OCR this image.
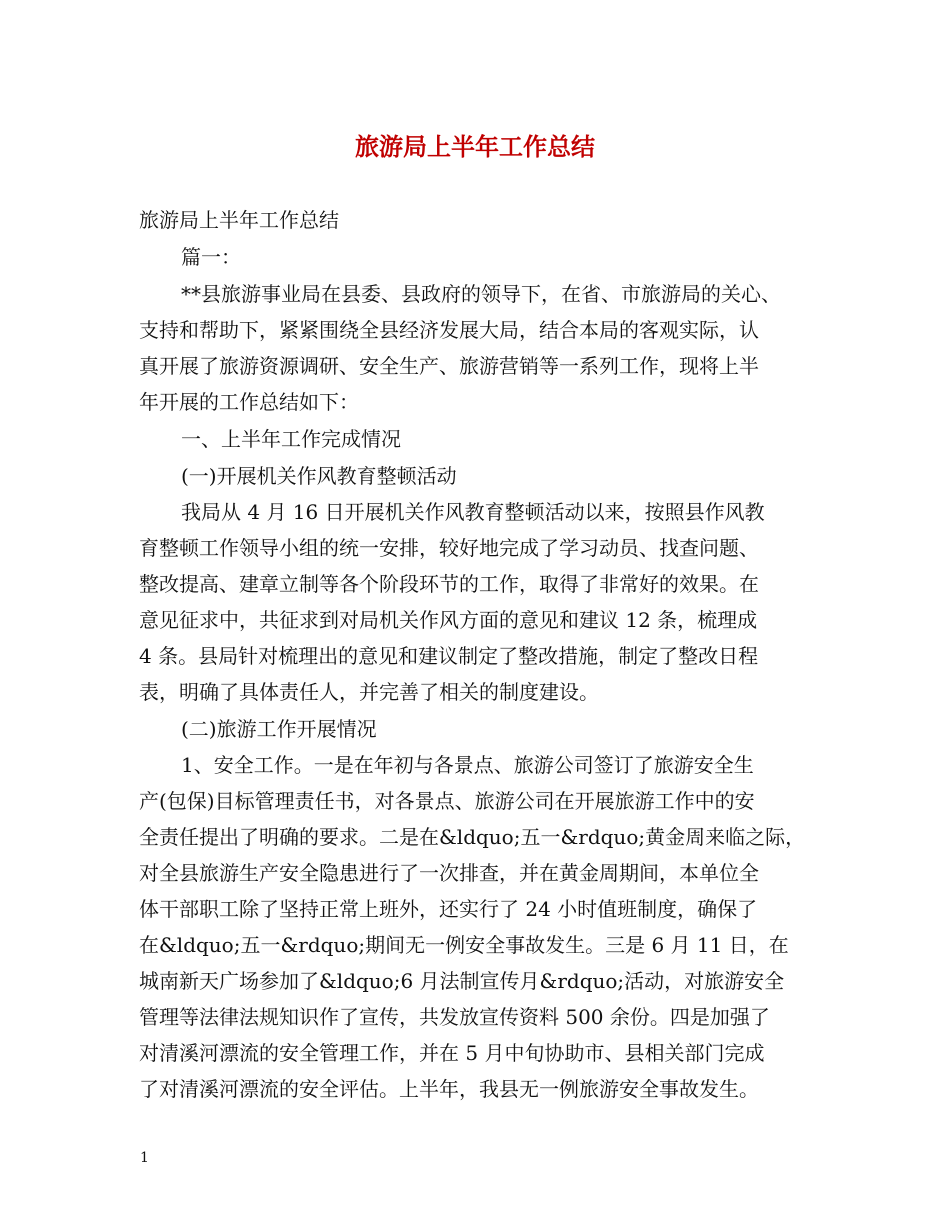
旅游局上半年工作总结
旅游局上半年工作总结
篇一：
**县旅游事业局在县委、县政府的领导下，在省、市旅游局的关心、
支持和帮助下，紧紧围绕全县经济发展大局，结合本局的客观实际，认
真开展了旅游资源调研、安全生产、旅游营销等一系列工作，现将上半
年开展的工作总结如下：
一、上半年工作完成情况
(一)开展机关作风教育整顿活动
我局从 4 月 16 日开展机关作风教育整顿活动以来，按照县作风教
育整顿工作领导小组的统一安排，较好地完成了学习动员、找查问题、
整改提高、建章立制等各个阶段环节的工作，取得了非常好的效果。在
意见征求中，共征求到对局机关作风方面的意见和建议 12 条，梳理成
4 条。县局针对梳理出的意见和建议制定了整改措施，制定了整改日程
表，明确了具体责任人，并完善了相关的制度建设。
(二)旅游工作开展情况
1、安全工作。一是在年初与各景点、旅游公司签订了旅游安全生
产(包保)目标管理责任书，对各景点、旅游公司在开展旅游工作中的安
全责任提出了明确的要求。二是在&ldquo;五一&rdquo;黄金周来临之际，
对全县旅游生产安全隐患进行了一次排查，并在黄金周期间，本单位全
体干部职工除了坚持正常上班外，还实行了 24 小时值班制度，确保了
在&ldquo;五一&rdquo;期间无一例安全事故发生。三是 6 月 11 日，在
城南新天广场参加了&ldquo;6 月法制宣传月&rdquo;活动，对旅游安全
管理等法律法规知识作了宣传，共发放宣传资料 500 余份。四是加强了
对清溪河漂流的安全管理工作，并在 5 月中旬协助市、县相关部门完成
了对清溪河漂流的安全评估。上半年，我县无一例旅游安全事故发生。
1
